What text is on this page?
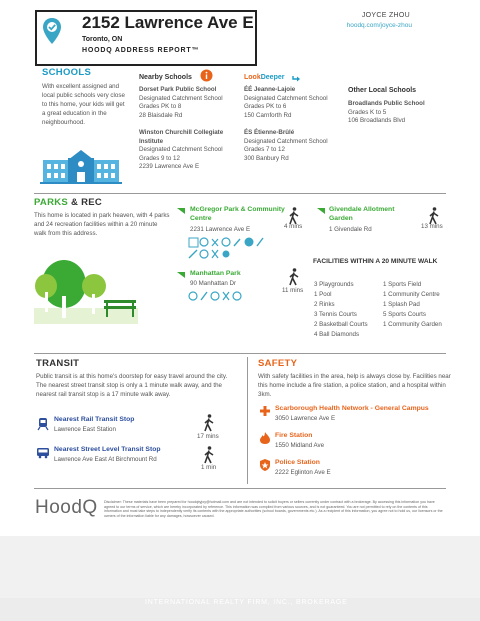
2152 Lawrence Ave E
Toronto, ON
HOODQ ADDRESS REPORT™
JOYCE ZHOU
hoodq.com/joyce-zhou
SCHOOLS
With excellent assigned and local public schools very close to this home, your kids will get a great education in the neighbourhood.
Nearby Schools
Dorset Park Public School
Designated Catchment School
Grades PK to 8
28 Blaisdale Rd
Winston Churchill Collegiate Institute
Designated Catchment School
Grades 9 to 12
2239 Lawrence Ave E
LookDeeper
ÉÉ Jeanne-Lajoie
Designated Catchment School
Grades PK to 6
150 Carnforth Rd
ÉS Étienne-Brûlé
Designated Catchment School
Grades 7 to 12
300 Banbury Rd
Other Local Schools
Broadlands Public School
Grades K to 5
106 Broadlands Blvd
PARKS & REC
This home is located in park heaven, with 4 parks and 24 recreation facilities within a 20 minute walk from this address.
McGregor Park & Community Centre
2231 Lawrence Ave E	4 mins
Givendale Allotment Garden
1 Givendale Rd	13 mins
Manhattan Park
90 Manhattan Dr
11 mins
FACILITIES WITHIN A 20 MINUTE WALK
3 Playgrounds
1 Pool
2 Rinks
3 Tennis Courts
2 Basketball Courts
4 Ball Diamonds
1 Sports Field
1 Community Centre
1 Splash Pad
5 Sports Courts
1 Community Garden
TRANSIT
Public transit is at this home's doorstep for easy travel around the city. The nearest street transit stop is only a 1 minute walk away, and the nearest rail transit stop is a 17 minute walk away.
Nearest Rail Transit Stop
Lawrence East Station
17 mins
Nearest Street Level Transit Stop
Lawrence Ave East At Birchmount Rd
1 min
SAFETY
With safety facilities in the area, help is always close by. Facilities near this home include a fire station, a police station, and a hospital within 3km.
Scarborough Health Network - General Campus
3050 Lawrence Ave E
Fire Station
1550 Midland Ave
Police Station
2222 Eglinton Ave E
HoodQ Disclaimer: These materials have been prepared for hoodqbyjoy@hotmail.com and are not intended to solicit buyers or sellers currently under contract with a brokerage. By accessing this information you have agreed to our terms of service, which are hereby incorporated by reference. This information was compiled from various sources, and is not guaranteed. You are not permitted to rely on the contents of this information and must take steps to independently verify its contents with the appropriate authorities (school boards, governments etc.). As a recipient of this information, you agree not to hold us, our licensors or the owners of the information liable for any damages, howsoever caused.
INTERNATIONAL REALTY FIRM, INC., BROKERAGE
